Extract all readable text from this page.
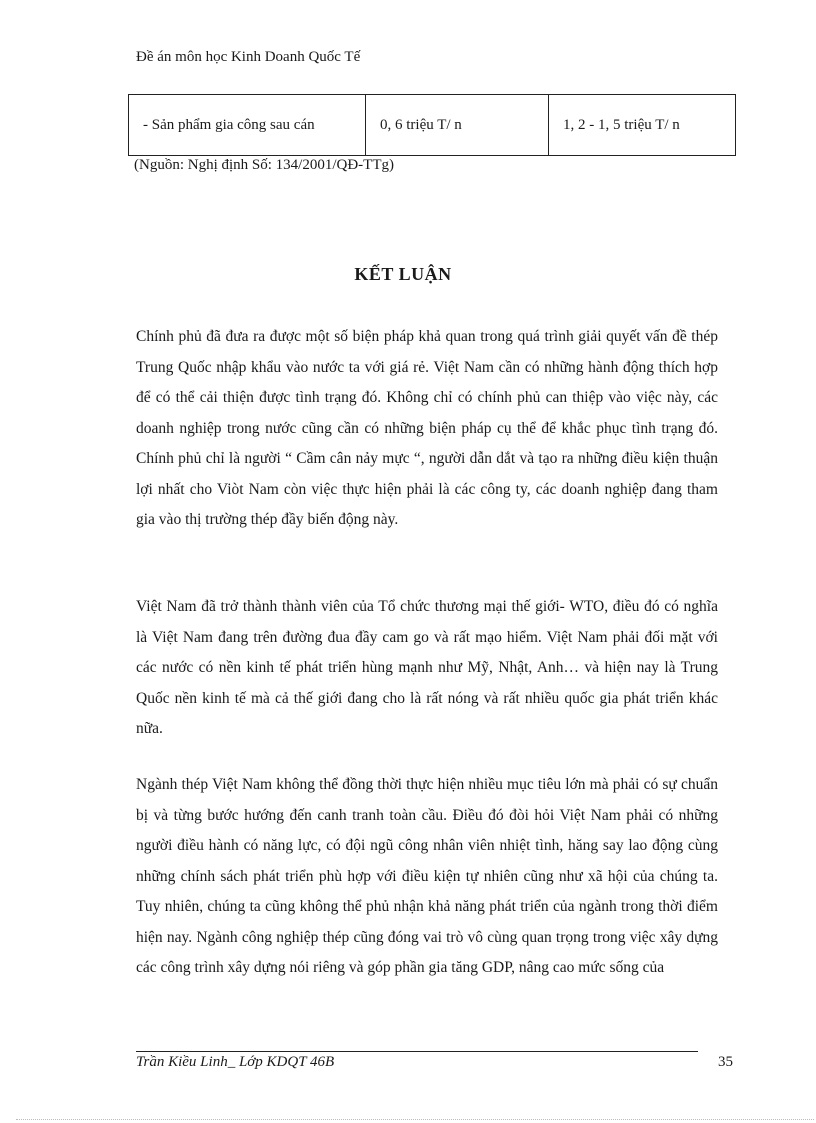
Đề án môn học Kinh Doanh Quốc Tế
- Sản phẩm gia công sau cán	0, 6 triệu T/ n	1, 2 - 1, 5 triệu T/ n
(Nguồn: Nghị định Số: 134/2001/QĐ-TTg)
KẾT LUẬN

Chính phủ đã đưa ra được một số biện pháp khả quan trong quá trình giải quyết vấn đề thép Trung Quốc nhập khẩu vào nước ta với giá rẻ. Việt Nam cần có những hành động thích hợp để có thể cải thiện được tình trạng đó. Không chỉ có chính phủ can thiệp vào việc này, các doanh nghiệp trong nước cũng cần có những biện pháp cụ thể để khắc phục tình trạng đó. Chính phủ chỉ là người “ Cầm cân nảy mực “, người dẫn dắt và tạo ra những điều kiện thuận lợi nhất cho Viòt Nam còn việc thực hiện phải là các công ty, các doanh nghiệp đang tham gia vào thị trường thép đầy biến động này.

Việt Nam đã trở thành thành viên của Tổ chức thương mại thế giới- WTO, điều đó có nghĩa là Việt Nam đang trên đường đua đầy cam go và rất mạo hiểm. Việt Nam phải đối mặt với các nước có nền kinh tế phát triển hùng mạnh như Mỹ, Nhật, Anh… và hiện nay là Trung Quốc nền kinh tế mà cả thế giới đang cho là rất nóng và rất nhiều quốc gia phát triển khác nữa.

Ngành thép Việt Nam không thể đồng thời thực hiện nhiều mục tiêu lớn mà phải có sự chuẩn bị và từng bước hướng đến canh tranh toàn cầu. Điều đó đòi hỏi Việt Nam phải có những người điều hành có năng lực, có đội ngũ công nhân viên nhiệt tình, hăng say lao động cùng những chính sách phát triển phù hợp với điều kiện tự nhiên cũng như xã hội của chúng ta. Tuy nhiên, chúng ta cũng không thể phủ nhận khả năng phát triển của ngành trong thời điểm hiện nay. Ngành công nghiệp thép cũng đóng vai trò vô cùng quan trọng trong việc xây dựng các công trình xây dựng nói riêng và góp phần gia tăng GDP, nâng cao mức sống của

Trần Kiều Linh_ Lớp KDQT 46B	35
